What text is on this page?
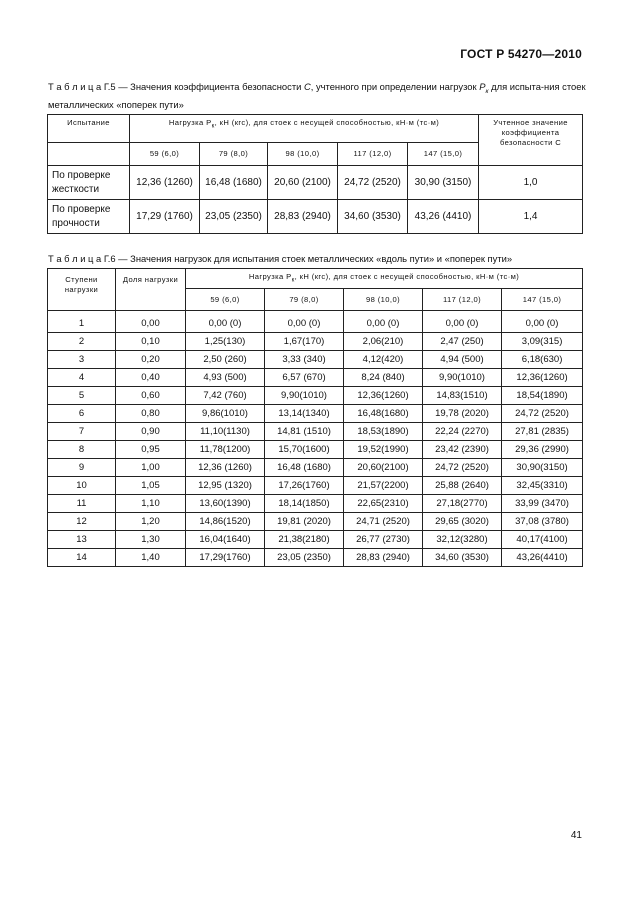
ГОСТ Р 54270—2010
Т а б л и ц а Г.5 — Значения коэффициента безопасности С, учтенного при определении нагрузок $P_к$ для испыта-ния стоек металлических «поперек пути»
Испытание	Нагрузка $P_к$, кН (кгс), для стоек с несущей способностью, кН·м (тс·м)					Учтенное значение коэффициента безопасности С
	59 (6,0)	79 (8,0)	98 (10,0)	117 (12,0)	147 (15,0)	
По проверке жесткости	12,36 (1260)	16,48 (1680)	20,60 (2100)	24,72 (2520)	30,90 (3150)	1,0
По проверке прочности	17,29 (1760)	23,05 (2350)	28,83 (2940)	34,60 (3530)	43,26 (4410)	1,4
Т а б л и ц а Г.6 — Значения нагрузок для испытания стоек металлических «вдоль пути» и «поперек пути»
Ступени нагрузки	Доля нагрузки	Нагрузка $P_к$, кН (кгс), для стоек с несущей способностью, кН·м (тс·м)				
		59 (6,0)	79 (8,0)	98 (10,0)	117 (12,0)	147 (15,0)
1	0,00	0,00 (0)	0,00 (0)	0,00 (0)	0,00 (0)	0,00 (0)
2	0,10	1,25(130)	1,67(170)	2,06(210)	2,47 (250)	3,09(315)
3	0,20	2,50 (260)	3,33 (340)	4,12(420)	4,94 (500)	6,18(630)
4	0,40	4,93 (500)	6,57 (670)	8,24 (840)	9,90(1010)	12,36(1260)
5	0,60	7,42 (760)	9,90(1010)	12,36(1260)	14,83(1510)	18,54(1890)
6	0,80	9,86(1010)	13,14(1340)	16,48(1680)	19,78 (2020)	24,72 (2520)
7	0,90	11,10(1130)	14,81 (1510)	18,53(1890)	22,24 (2270)	27,81 (2835)
8	0,95	11,78(1200)	15,70(1600)	19,52(1990)	23,42 (2390)	29,36 (2990)
9	1,00	12,36 (1260)	16,48 (1680)	20,60(2100)	24,72 (2520)	30,90(3150)
10	1,05	12,95 (1320)	17,26(1760)	21,57(2200)	25,88 (2640)	32,45(3310)
11	1,10	13,60(1390)	18,14(1850)	22,65(2310)	27,18(2770)	33,99 (3470)
12	1,20	14,86(1520)	19,81 (2020)	24,71 (2520)	29,65 (3020)	37,08 (3780)
13	1,30	16,04(1640)	21,38(2180)	26,77 (2730)	32,12(3280)	40,17(4100)
14	1,40	17,29(1760)	23,05 (2350)	28,83 (2940)	34,60 (3530)	43,26(4410)
41
